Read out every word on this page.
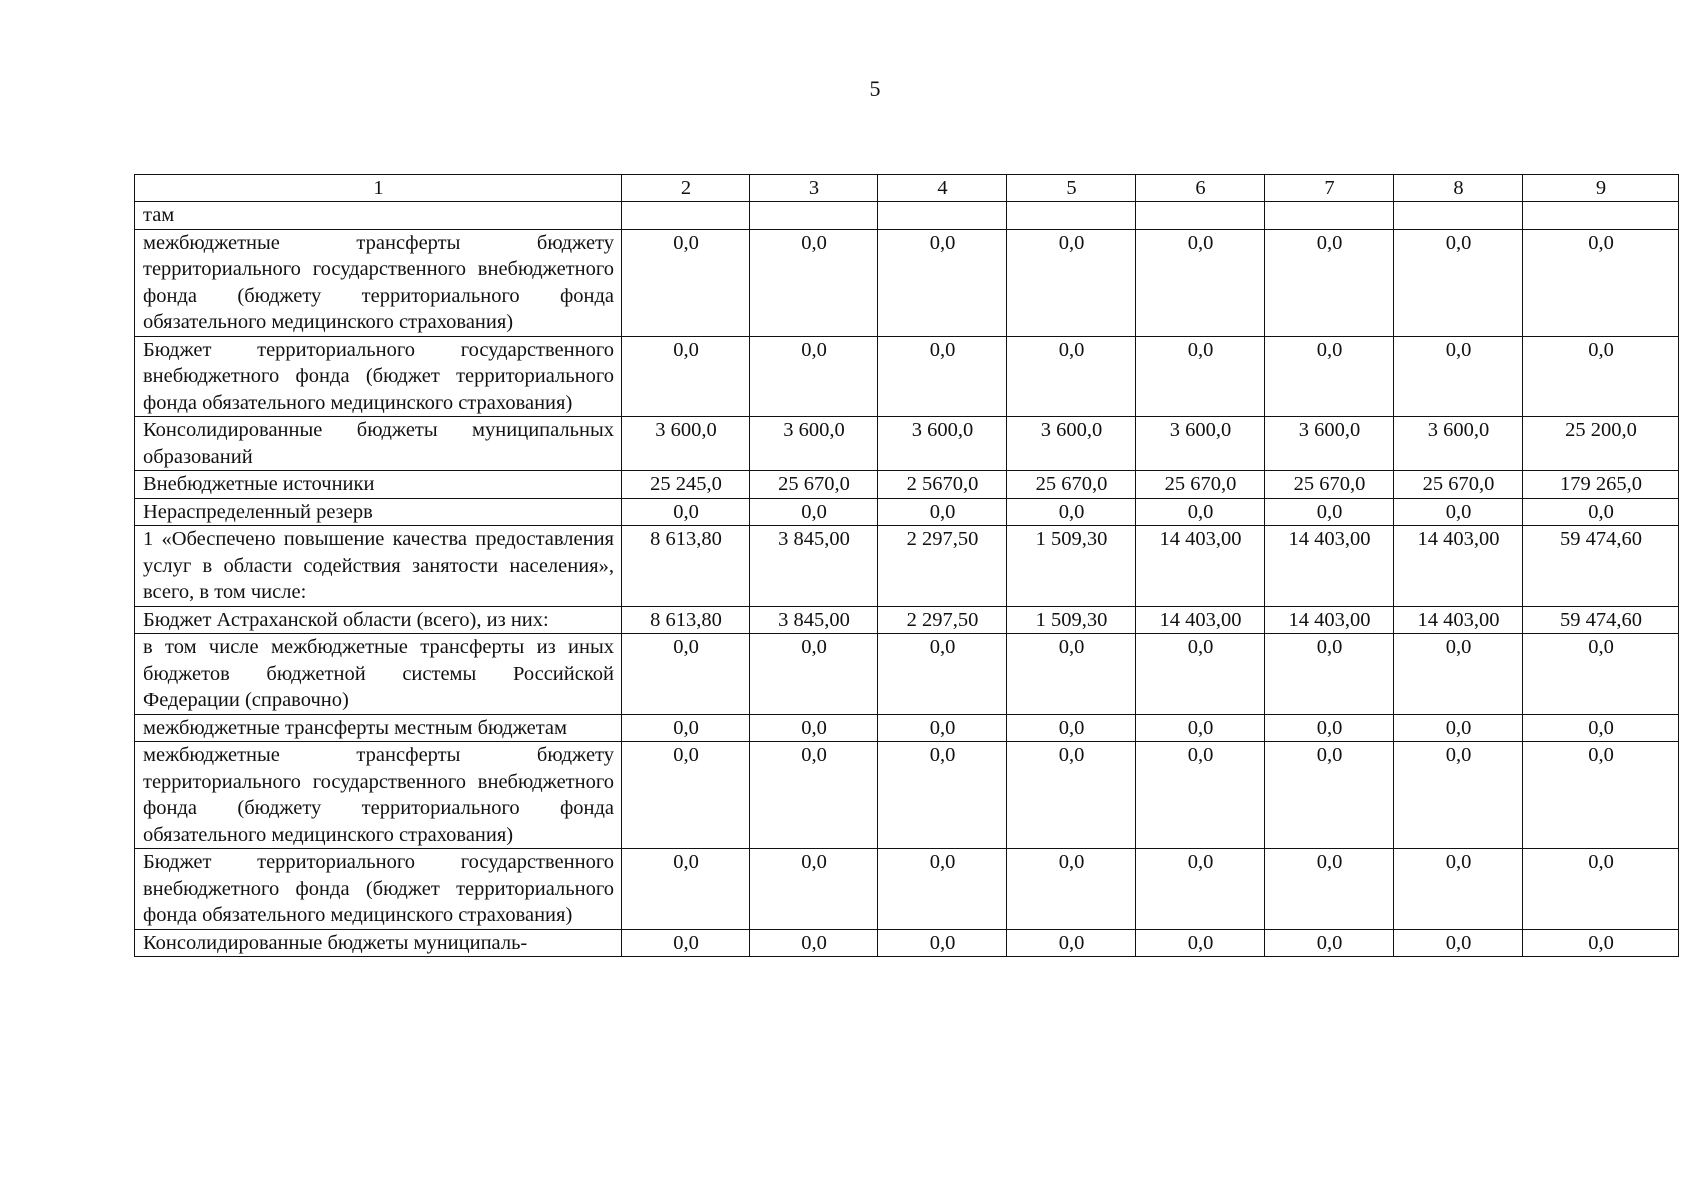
5
1	2	3	4	5	6	7	8	9
там								
межбюджетные трансферты бюджету территориального государственного внебюджетного фонда (бюджету территориального фонда обязательного медицинского страхования)	0,0	0,0	0,0	0,0	0,0	0,0	0,0	0,0
Бюджет территориального государственного внебюджетного фонда (бюджет территориального фонда обязательного медицинского страхования)	0,0	0,0	0,0	0,0	0,0	0,0	0,0	0,0
Консолидированные бюджеты муниципальных образований	3 600,0	3 600,0	3 600,0	3 600,0	3 600,0	3 600,0	3 600,0	25 200,0
Внебюджетные источники	25 245,0	25 670,0	2 5670,0	25 670,0	25 670,0	25 670,0	25 670,0	179 265,0
Нераспределенный резерв	0,0	0,0	0,0	0,0	0,0	0,0	0,0	0,0
1 «Обеспечено повышение качества предоставления услуг в области содействия занятости населения», всего, в том числе:	8 613,80	3 845,00	2 297,50	1 509,30	14 403,00	14 403,00	14 403,00	59 474,60
Бюджет Астраханской области (всего), из них:	8 613,80	3 845,00	2 297,50	1 509,30	14 403,00	14 403,00	14 403,00	59 474,60
в том числе межбюджетные трансферты из иных бюджетов бюджетной системы Российской Федерации (справочно)	0,0	0,0	0,0	0,0	0,0	0,0	0,0	0,0
межбюджетные трансферты местным бюджетам	0,0	0,0	0,0	0,0	0,0	0,0	0,0	0,0
межбюджетные трансферты бюджету территориального государственного внебюджетного фонда (бюджету территориального фонда обязательного медицинского страхования)	0,0	0,0	0,0	0,0	0,0	0,0	0,0	0,0
Бюджет территориального государственного внебюджетного фонда (бюджет территориального фонда обязательного медицинского страхования)	0,0	0,0	0,0	0,0	0,0	0,0	0,0	0,0
Консолидированные бюджеты муниципаль-	0,0	0,0	0,0	0,0	0,0	0,0	0,0	0,0
